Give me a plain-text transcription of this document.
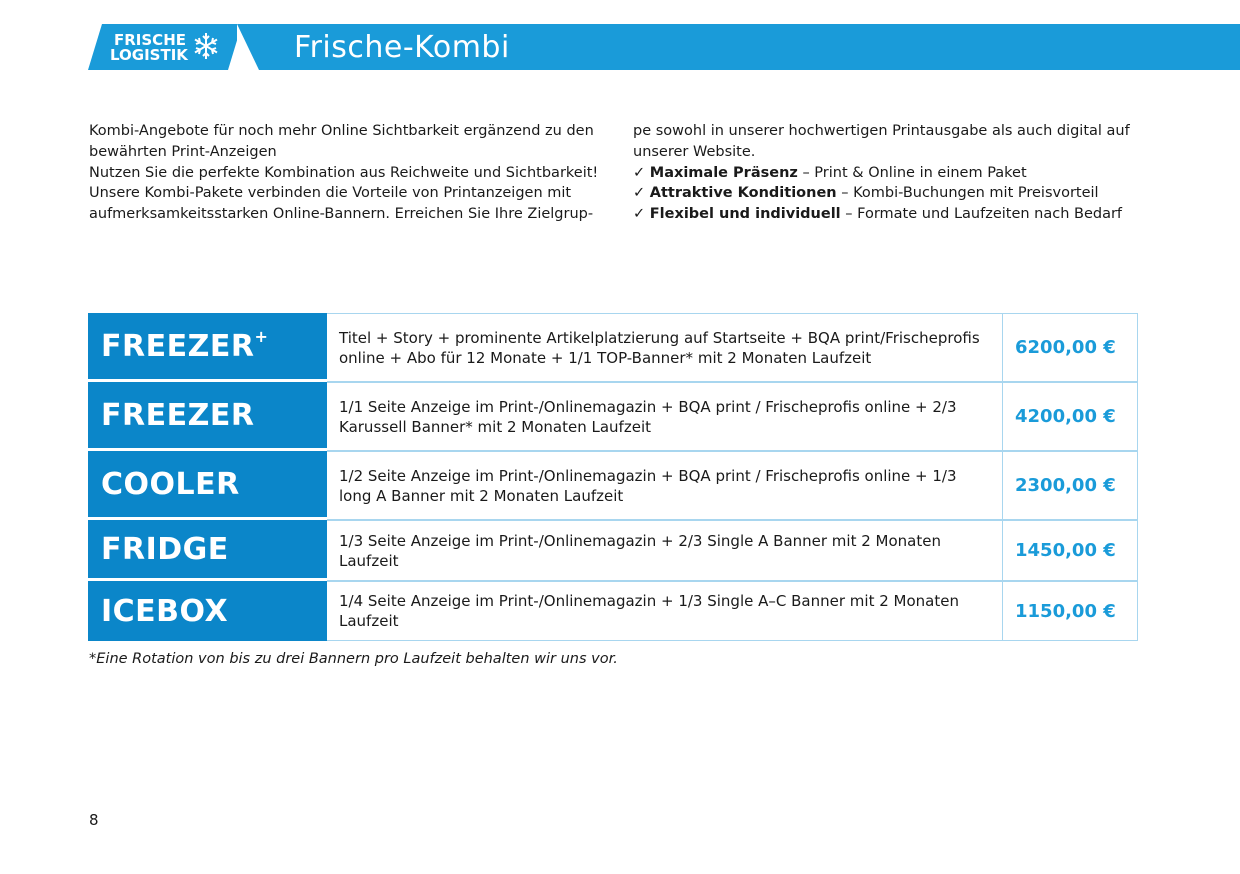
FRISCHE
LOGISTIK	Frische-Kombi

Kombi-Angebote für noch mehr Online Sichtbarkeit ergänzend zu den bewährten Print-Anzeigen

Nutzen Sie die perfekte Kombination aus Reichweite und Sichtbarkeit! Unsere Kombi-Pakete verbinden die Vorteile von Printanzeigen mit aufmerksamkeitsstarken Online-Bannern. Erreichen Sie Ihre Zielgrup-

pe sowohl in unserer hochwertigen Printausgabe als auch digital auf unserer Website.

✓ Maximale Präsenz – Print & Online in einem Paket

✓ Attraktive Konditionen – Kombi-Buchungen mit Preisvorteil

✓ Flexibel und individuell – Formate und Laufzeiten nach Bedarf

FREEZER+	Titel + Story + prominente Artikelplatzierung auf Startseite + BQA print/Frischeprofis online + Abo für 12 Monate + 1/1 TOP-Banner* mit 2 Monaten Laufzeit	6200,00 €
FREEZER	1/1 Seite Anzeige im Print-/Onlinemagazin + BQA print / Frischeprofis online + 2/3 Karussell Banner* mit 2 Monaten Laufzeit	4200,00 €
COOLER	1/2 Seite Anzeige im Print-/Onlinemagazin + BQA print / Frischeprofis online + 1/3 long A Banner mit 2 Monaten Laufzeit	2300,00 €
FRIDGE	1/3 Seite Anzeige im Print-/Onlinemagazin + 2/3 Single A Banner mit 2 Monaten Laufzeit	1450,00 €
ICEBOX	1/4 Seite Anzeige im Print-/Onlinemagazin + 1/3 Single A–C Banner mit 2 Monaten Laufzeit	1150,00 €
*Eine Rotation von bis zu drei Bannern pro Laufzeit behalten wir uns vor.
8
